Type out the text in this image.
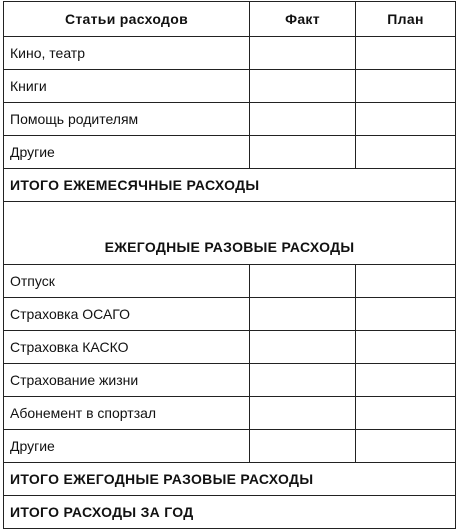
Статьи расходов	Факт	План
Кино, театр		
Книги		
Помощь родителям		
Другие		
ИТОГО ЕЖЕМЕСЯЧНЫЕ РАСХОДЫ		
ЕЖЕГОДНЫЕ РАЗОВЫЕ РАСХОДЫ		
Отпуск		
Страховка ОСАГО		
Страховка КАСКО		
Страхование жизни		
Абонемент в спортзал		
Другие		
ИТОГО ЕЖЕГОДНЫЕ РАЗОВЫЕ РАСХОДЫ		
ИТОГО РАСХОДЫ ЗА ГОД		
